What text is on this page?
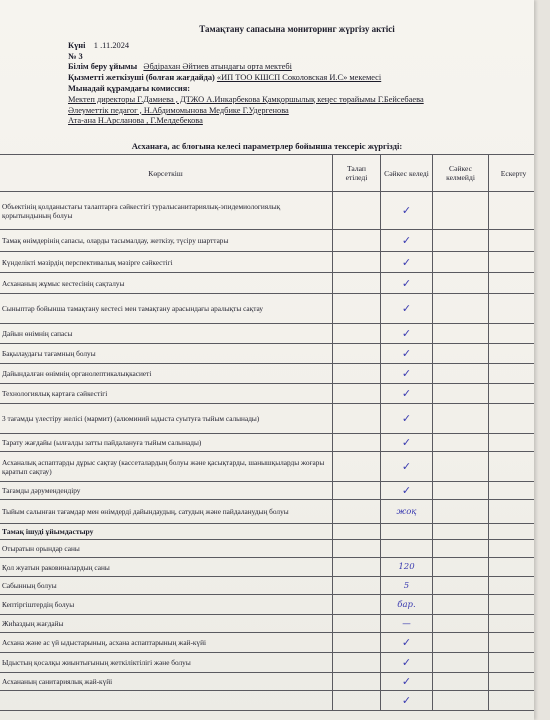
Тамақтану сапасына мониторинг жүргізу актісі
Күні 1 .11.2024
№ 3
Білім беру ұйымы Әбдірахан Әйтиев атындағы орта мектебі
Қызметті жеткізуші (болған жағдайда) «ИП ТОО КШСП Соколовская И.С» мекемесі
Мынадай құрамдағы комиссия:
Мектеп директоры Г.Дамиева , ДТЖО А.Инкарбекова Қамқоршылық кеңес төрайымы Г.Бейсебаева
Әлеуметтік педагог , Н.Абдимомынова Медбике Г.Удергенова
Ата-ана Н.Арсланова , Г.Мелдебекова
Асханаға, ас блогына келесі параметрлер бойынша тексеріс жүргізді:
Көрсеткіш	Талап етіледі	Сәйкес келеді	Сәйкес келмейді	Ескерту
Объектінің қолданыстағы талаптарға сәйкестігі туралысанитариялық-эпидемиологиялық қорытындының болуы		✓		
Тамақ өнімдерінің сапасы, оларды тасымалдау, жеткізу, түсіру шарттары		✓		
Күнделікті мәзірдің перспективалық мәзірге сәйкестігі		✓		
Асхананың жұмыс кестесінің сақталуы		✓		
Сыныптар бойынша тамақтану кестесі мен тамақтану арасындағы аралықты сақтау		✓		
Дайын өнімнің сапасы		✓		
Бақылаудағы тағамның болуы		✓		
Дайындалған өнімнің органолептикалықкасиеті		✓		
Технологиялық картаға сәйкестігі		✓		
3 тағамды үлестіру желісі (мармит) (алюминий ыдыста суытуға тыйым салынады)		✓		
Тарату жағдайы (ылғалды затты пайдалануға тыйым салынады)		✓		
Асханалық аспаптарды дұрыс сақтау (кассеталардың болуы және қасықтарды, шанышқыларды жоғары қаратып сақтау)		✓		
Тағамды дәрумендендіру		✓		
Тыйым салынған тағамдар мен өнімдерді дайындаудың, сатудың және пайдаланудың болуы		жоқ		
Тамақ ішуді ұйымдастыру				
Отыратын орындар саны				
Қол жуатын раковиналардың саны		120		
Сабынның болуы		5		
Кептіргіштердің болуы		бар.		
Жиһаздың жағдайы		—		
Асхана және ас үй ыдыстарының, асхана аспаптарының жай-күйі		✓		
Ыдыстың қосалқы жиынтығының жеткіліктілігі және болуы		✓		
Асхананың санитариялық жай-күйі		✓		
		✓		
